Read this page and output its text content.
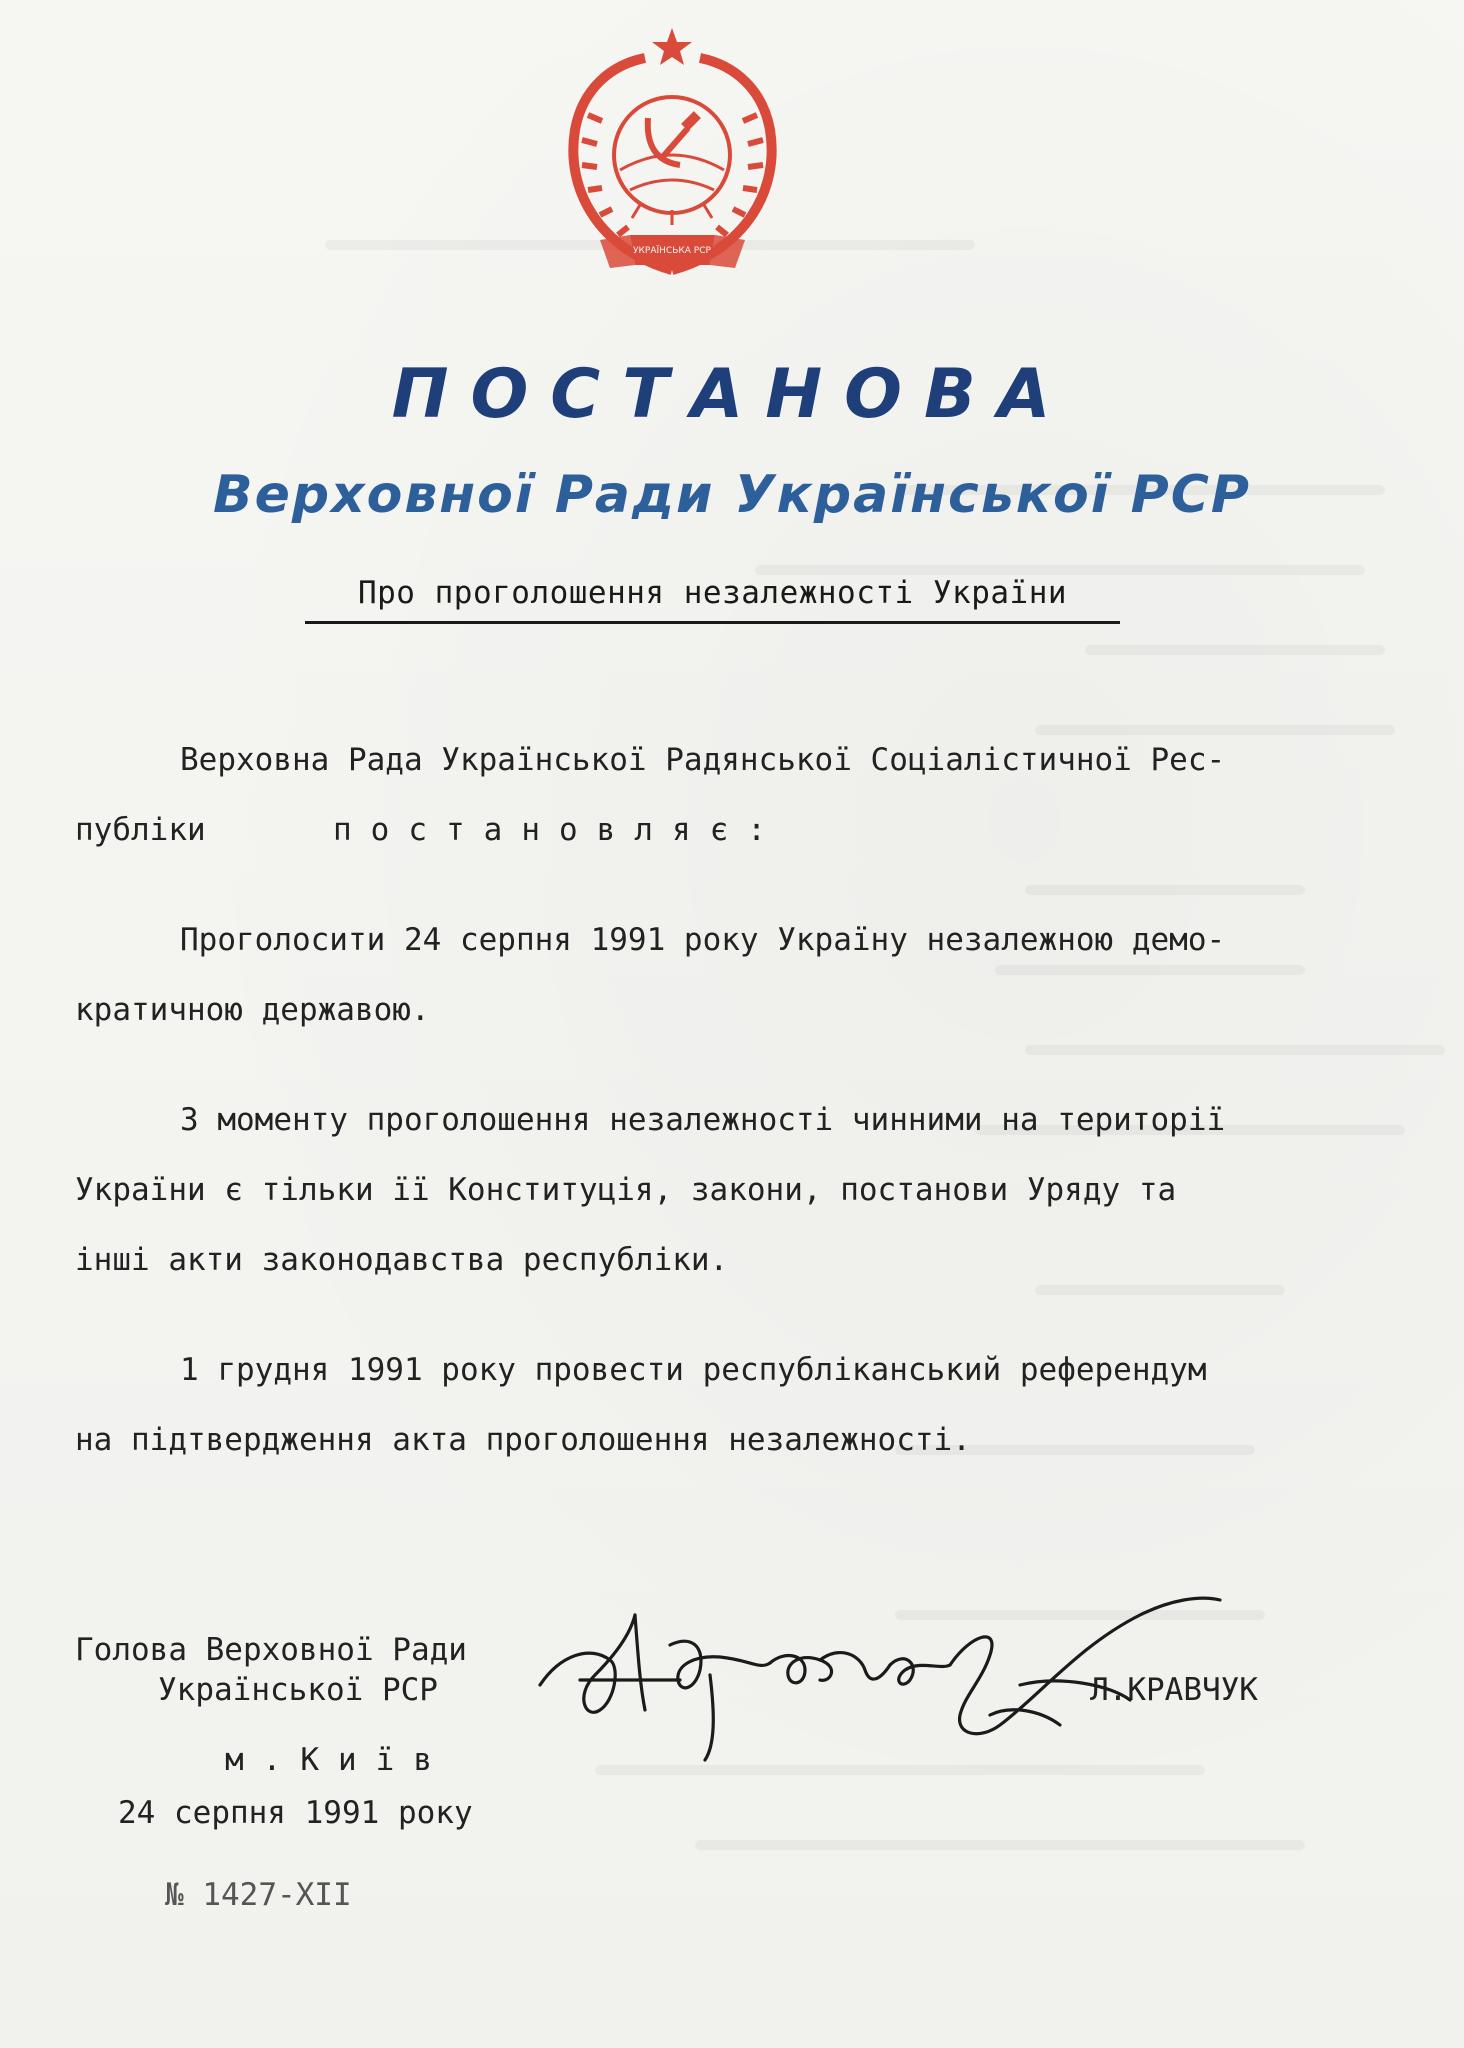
УКРАЇНСЬКА РСР
ПОСТАНОВА
Верховної Ради Української РСР
Про проголошення незалежності України

Верховна Рада Української Радянської Соціалістичної Рес-

публіки	постановляє:

Проголосити 24 серпня 1991 року Україну незалежною демо-

кратичною державою.

З моменту проголошення незалежності чинними на території

України є тільки її Конституція, закони, постанови Уряду та

інші акти законодавства республіки.

1 грудня 1991 року провести республіканський референдум

на підтвердження акта проголошення незалежності.

Голова Верховної Ради

Української РСР	Л.КРАВЧУК

м.Київ

24 серпня 1991 року

№ 1427-ХІІ
